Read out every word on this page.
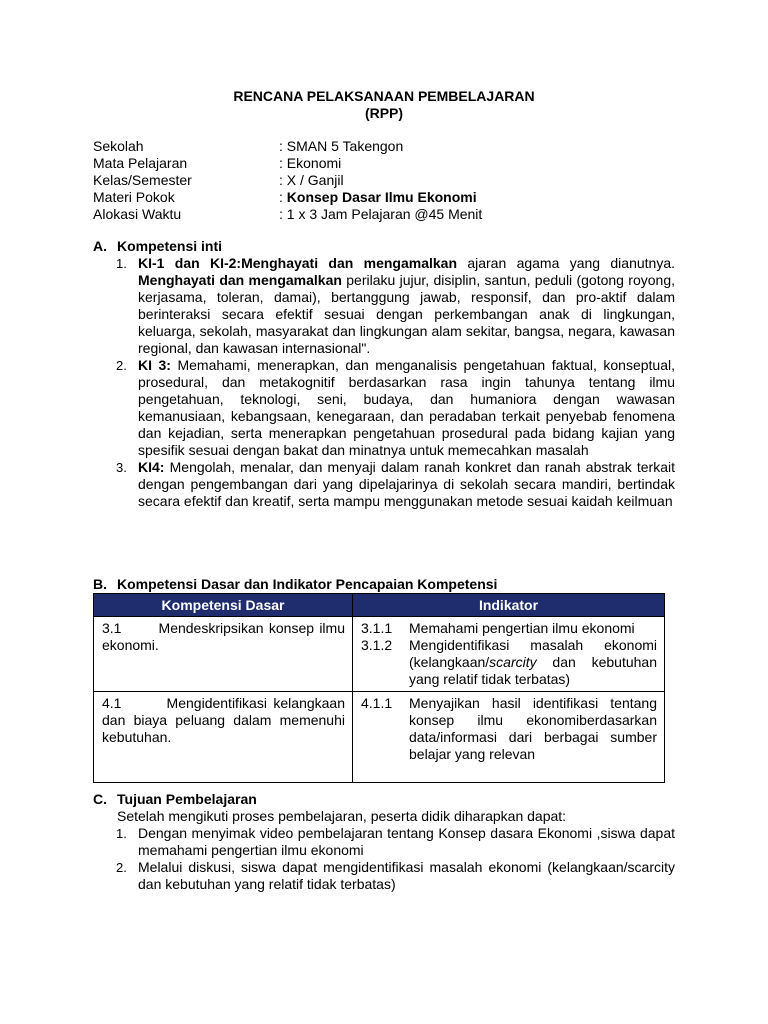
RENCANA PELAKSANAAN PEMBELAJARAN
(RPP)
Sekolah	: SMAN 5 Takengon
Mata Pelajaran	: Ekonomi
Kelas/Semester	: X / Ganjil
Materi Pokok	: Konsep Dasar Ilmu Ekonomi
Alokasi Waktu	: 1 x 3 Jam Pelajaran @45 Menit
A. Kompetensi inti
1. KI-1 dan KI-2:Menghayati dan mengamalkan ajaran agama yang dianutnya. Menghayati dan mengamalkan perilaku jujur, disiplin, santun, peduli (gotong royong, kerjasama, toleran, damai), bertanggung jawab, responsif, dan pro-aktif dalam berinteraksi secara efektif sesuai dengan perkembangan anak di lingkungan, keluarga, sekolah, masyarakat dan lingkungan alam sekitar, bangsa, negara, kawasan regional, dan kawasan internasional".
2. KI 3: Memahami, menerapkan, dan menganalisis pengetahuan faktual, konseptual, prosedural, dan metakognitif berdasarkan rasa ingin tahunya tentang ilmu pengetahuan, teknologi, seni, budaya, dan humaniora dengan wawasan kemanusiaan, kebangsaan, kenegaraan, dan peradaban terkait penyebab fenomena dan kejadian, serta menerapkan pengetahuan prosedural pada bidang kajian yang spesifik sesuai dengan bakat dan minatnya untuk memecahkan masalah
3. KI4: Mengolah, menalar, dan menyaji dalam ranah konkret dan ranah abstrak terkait dengan pengembangan dari yang dipelajarinya di sekolah secara mandiri, bertindak secara efektif dan kreatif, serta mampu menggunakan metode sesuai kaidah keilmuan
B. Kompetensi Dasar dan Indikator Pencapaian Kompetensi
Kompetensi Dasar	Indikator

3.1       Mendeskripsikan konsep ilmu ekonomi.	3.1.1 Memahami pengertian ilmu ekonomi
3.1.2 Mengidentifikasi masalah ekonomi (kelangkaan/scarcity dan kebutuhan yang relatif tidak terbatas)

4.1       Mengidentifikasi kelangkaan dan biaya peluang dalam memenuhi kebutuhan.	4.1.1 Menyajikan hasil identifikasi tentang konsep ilmu ekonomiberdasarkan data/informasi dari berbagai sumber belajar yang relevan
C. Tujuan Pembelajaran
Setelah mengikuti proses pembelajaran, peserta didik diharapkan dapat:
1. Dengan menyimak video pembelajaran tentang Konsep dasara Ekonomi ,siswa dapat memahami pengertian ilmu ekonomi
2. Melalui diskusi, siswa dapat mengidentifikasi masalah ekonomi (kelangkaan/scarcity dan kebutuhan yang relatif tidak terbatas)
